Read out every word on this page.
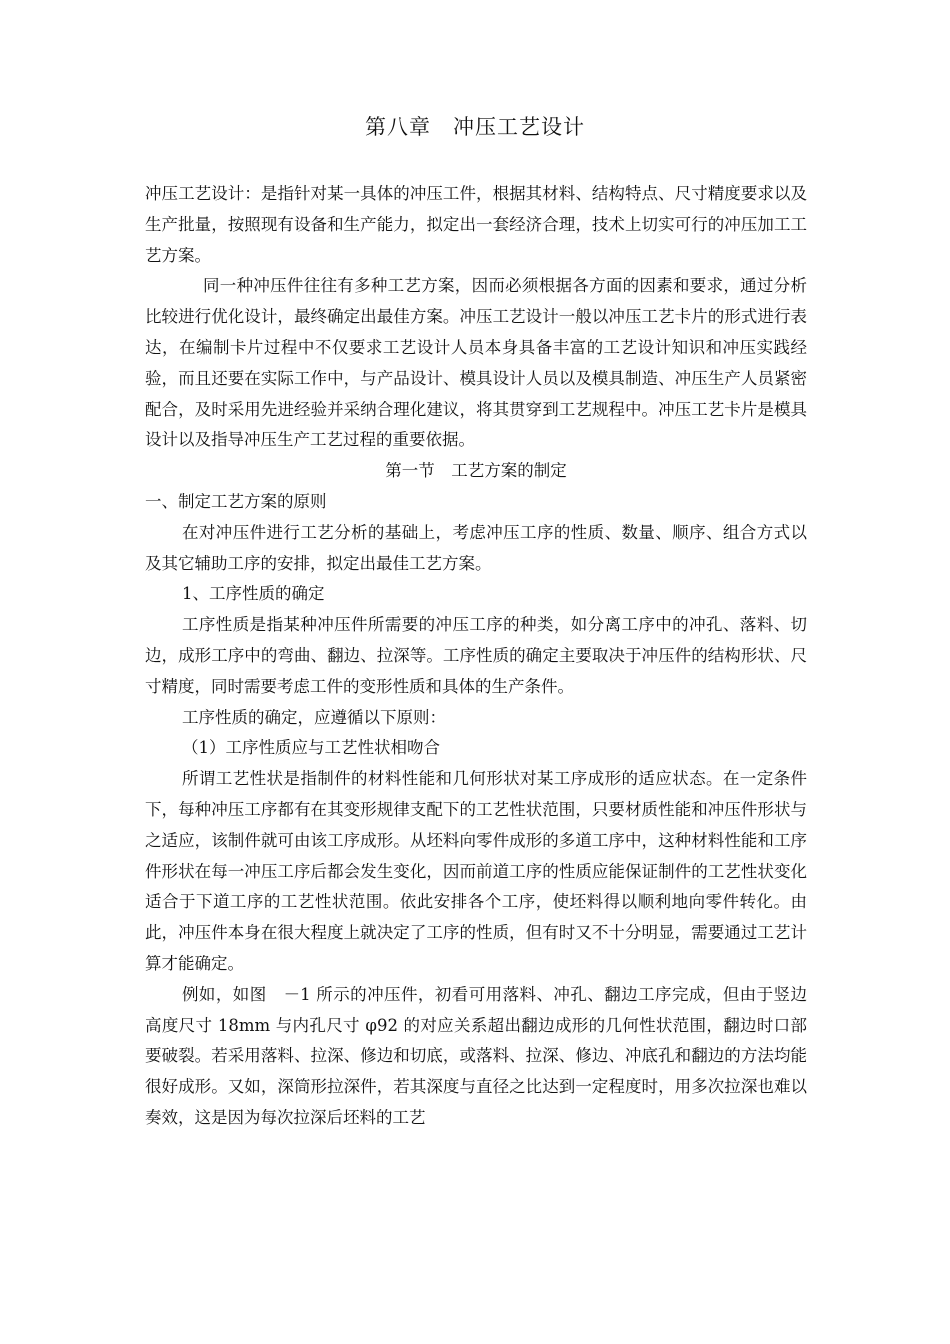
第八章　冲压工艺设计

冲压工艺设计：是指针对某一具体的冲压工件，根据其材料、结构特点、尺寸精度要求以及生产批量，按照现有设备和生产能力，拟定出一套经济合理，技术上切实可行的冲压加工工艺方案。

同一种冲压件往往有多种工艺方案，因而必须根据各方面的因素和要求，通过分析比较进行优化设计，最终确定出最佳方案。冲压工艺设计一般以冲压工艺卡片的形式进行表达，在编制卡片过程中不仅要求工艺设计人员本身具备丰富的工艺设计知识和冲压实践经验，而且还要在实际工作中，与产品设计、模具设计人员以及模具制造、冲压生产人员紧密配合，及时采用先进经验并采纳合理化建议，将其贯穿到工艺规程中。冲压工艺卡片是模具设计以及指导冲压生产工艺过程的重要依据。

第一节　工艺方案的制定

一、制定工艺方案的原则

在对冲压件进行工艺分析的基础上，考虑冲压工序的性质、数量、顺序、组合方式以及其它辅助工序的安排，拟定出最佳工艺方案。

1、工序性质的确定

工序性质是指某种冲压件所需要的冲压工序的种类，如分离工序中的冲孔、落料、切边，成形工序中的弯曲、翻边、拉深等。工序性质的确定主要取决于冲压件的结构形状、尺寸精度，同时需要考虑工件的变形性质和具体的生产条件。

工序性质的确定，应遵循以下原则：

（1）工序性质应与工艺性状相吻合

所谓工艺性状是指制件的材料性能和几何形状对某工序成形的适应状态。在一定条件下，每种冲压工序都有在其变形规律支配下的工艺性状范围，只要材质性能和冲压件形状与之适应，该制件就可由该工序成形。从坯料向零件成形的多道工序中，这种材料性能和工序件形状在每一冲压工序后都会发生变化，因而前道工序的性质应能保证制件的工艺性状变化适合于下道工序的工艺性状范围。依此安排各个工序，使坯料得以顺利地向零件转化。由此，冲压件本身在很大程度上就决定了工序的性质，但有时又不十分明显，需要通过工艺计算才能确定。

例如，如图　－1 所示的冲压件，初看可用落料、冲孔、翻边工序完成，但由于竖边高度尺寸 18mm 与内孔尺寸 φ92 的对应关系超出翻边成形的几何性状范围，翻边时口部要破裂。若采用落料、拉深、修边和切底，或落料、拉深、修边、冲底孔和翻边的方法均能很好成形。又如，深筒形拉深件，若其深度与直径之比达到一定程度时，用多次拉深也难以奏效，这是因为每次拉深后坯料的工艺
